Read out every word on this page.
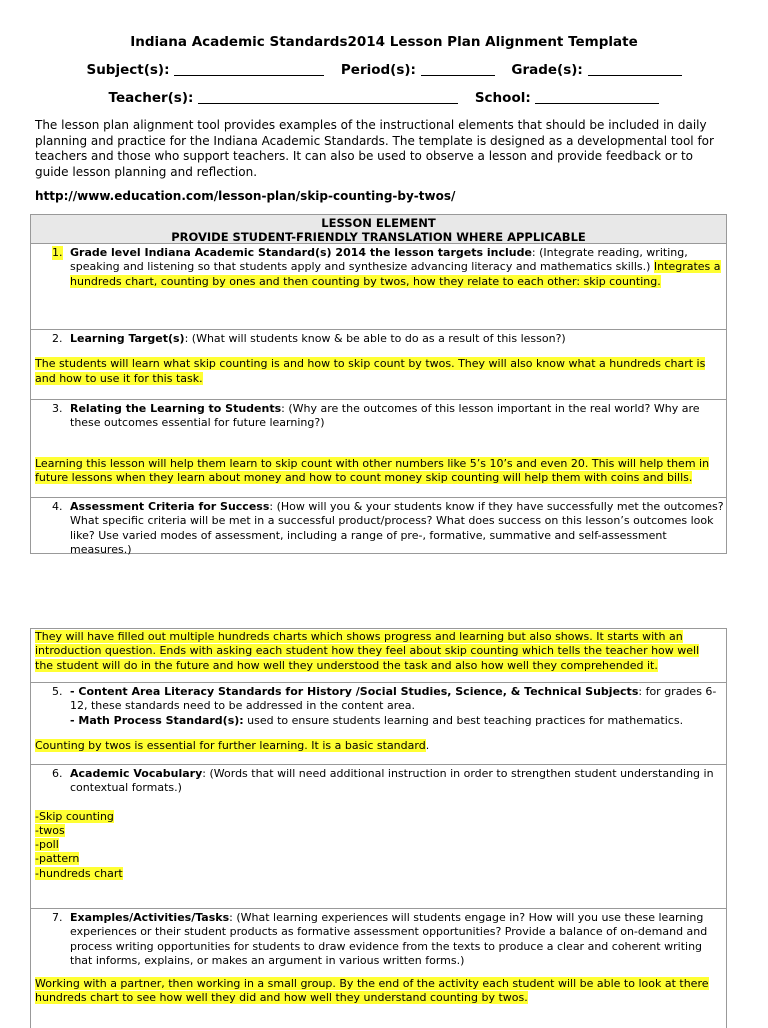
Indiana Academic Standards2014 Lesson Plan Alignment Template
Subject(s):	Period(s):	Grade(s):
Teacher(s):	School:
The lesson plan alignment tool provides examples of the instructional elements that should be included in daily planning and practice for the Indiana Academic Standards. The template is designed as a developmental tool for teachers and those who support teachers. It can also be used to observe a lesson and provide feedback or to guide lesson planning and reflection.
http://www.education.com/lesson-plan/skip-counting-by-twos/
LESSON ELEMENT
PROVIDE STUDENT-FRIENDLY TRANSLATION WHERE APPLICABLE
1. Grade level Indiana Academic Standard(s) 2014 the lesson targets include: (Integrate reading, writing, speaking and listening so that students apply and synthesize advancing literacy and mathematics skills.) Integrates a hundreds chart, counting by ones and then counting by twos, how they relate to each other: skip counting.
2. Learning Target(s): (What will students know & be able to do as a result of this lesson?)
The students will learn what skip counting is and how to skip count by twos. They will also know what a hundreds chart is and how to use it for this task.
3. Relating the Learning to Students: (Why are the outcomes of this lesson important in the real world? Why are these outcomes essential for future learning?)
Learning this lesson will help them learn to skip count with other numbers like 5’s 10’s and even 20. This will help them in future lessons when they learn about money and how to count money skip counting will help them with coins and bills.
4. Assessment Criteria for Success: (How will you & your students know if they have successfully met the outcomes? What specific criteria will be met in a successful product/process? What does success on this lesson’s outcomes look like? Use varied modes of assessment, including a range of pre-, formative, summative and self-assessment measures.)
They will have filled out multiple hundreds charts which shows progress and learning but also shows. It starts with an introduction question. Ends with asking each student how they feel about skip counting which tells the teacher how well the student will do in the future and how well they understood the task and also how well they comprehended it.
5. - Content Area Literacy Standards for History /Social Studies, Science, & Technical Subjects: for grades 6-12, these standards need to be addressed in the content area.
- Math Process Standard(s): used to ensure students learning and best teaching practices for mathematics.
Counting by twos is essential for further learning. It is a basic standard.
6. Academic Vocabulary: (Words that will need additional instruction in order to strengthen student understanding in contextual formats.)
-Skip counting
-twos
-poll
-pattern
-hundreds chart
7. Examples/Activities/Tasks: (What learning experiences will students engage in? How will you use these learning experiences or their student products as formative assessment opportunities? Provide a balance of on-demand and process writing opportunities for students to draw evidence from the texts to produce a clear and coherent writing that informs, explains, or makes an argument in various written forms.)
Working with a partner, then working in a small group. By the end of the activity each student will be able to look at there hundreds chart to see how well they did and how well they understand counting by twos.
